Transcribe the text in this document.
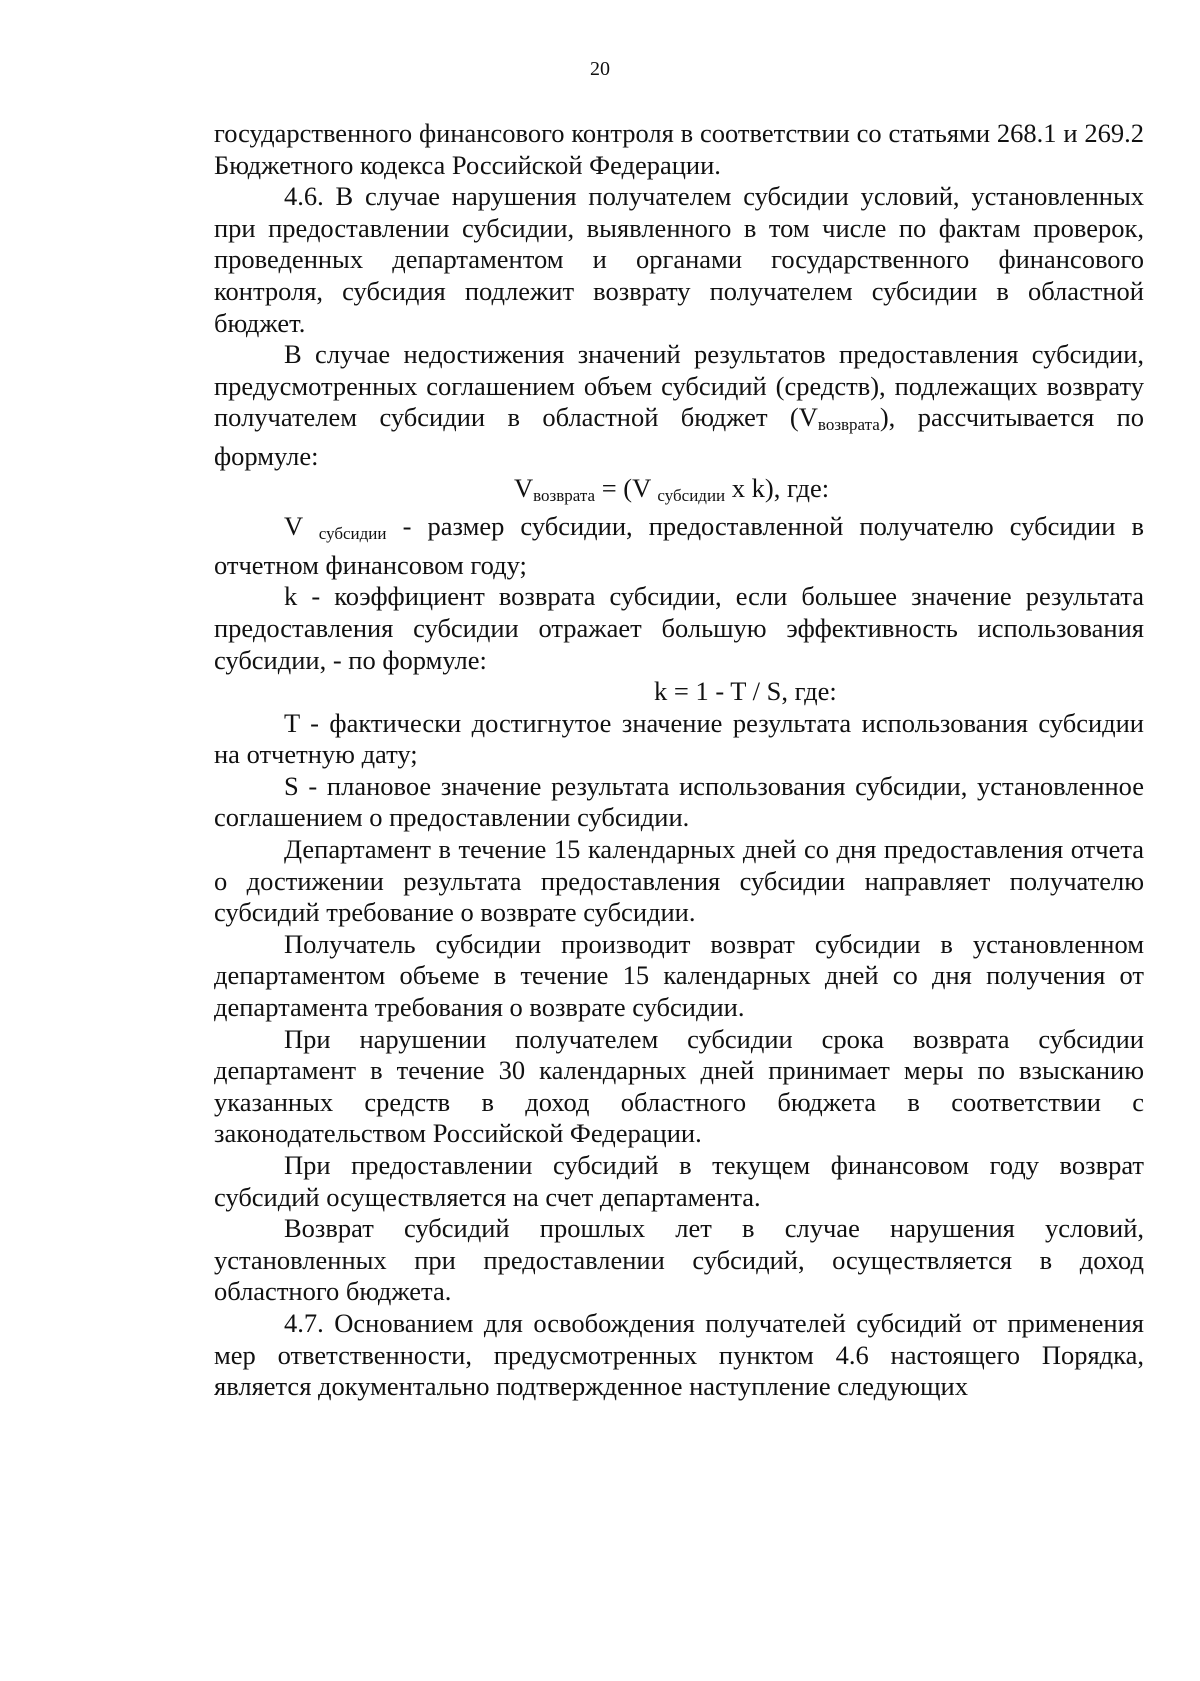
20

государственного финансового контроля в соответствии со статьями 268.1 и 269.2 Бюджетного кодекса Российской Федерации.

4.6. В случае нарушения получателем субсидии условий, установленных при предоставлении субсидии, выявленного в том числе по фактам проверок, проведенных департаментом и органами государственного финансового контроля, субсидия подлежит возврату получателем субсидии в областной бюджет.

В случае недостижения значений результатов предоставления субсидии, предусмотренных соглашением объем субсидий (средств), подлежащих возврату получателем субсидии в областной бюджет $(V_{возврата})$, рассчитывается по формуле:

$V_{возврата} = (V$ $_{субсидии}$ x k), где:

V $_{субсидии}$ - размер субсидии, предоставленной получателю субсидии в отчетном финансовом году;

k - коэффициент возврата субсидии, если большее значение результата предоставления субсидии отражает большую эффективность использования субсидии, - по формуле:

k = 1 - T / S, где:

T - фактически достигнутое значение результата использования субсидии на отчетную дату;

S - плановое значение результата использования субсидии, установленное соглашением о предоставлении субсидии.

Департамент в течение 15 календарных дней со дня предоставления отчета о достижении результата предоставления субсидии направляет получателю субсидий требование о возврате субсидии.

Получатель субсидии производит возврат субсидии в установленном департаментом объеме в течение 15 календарных дней со дня получения от департамента требования о возврате субсидии.

При нарушении получателем субсидии срока возврата субсидии департамент в течение 30 календарных дней принимает меры по взысканию указанных средств в доход областного бюджета в соответствии с законодательством Российской Федерации.

При предоставлении субсидий в текущем финансовом году возврат субсидий осуществляется на счет департамента.

Возврат субсидий прошлых лет в случае нарушения условий, установленных при предоставлении субсидий, осуществляется в доход областного бюджета.

4.7. Основанием для освобождения получателей субсидий от применения мер ответственности, предусмотренных пунктом 4.6 настоящего Порядка, является документально подтвержденное наступление следующих
